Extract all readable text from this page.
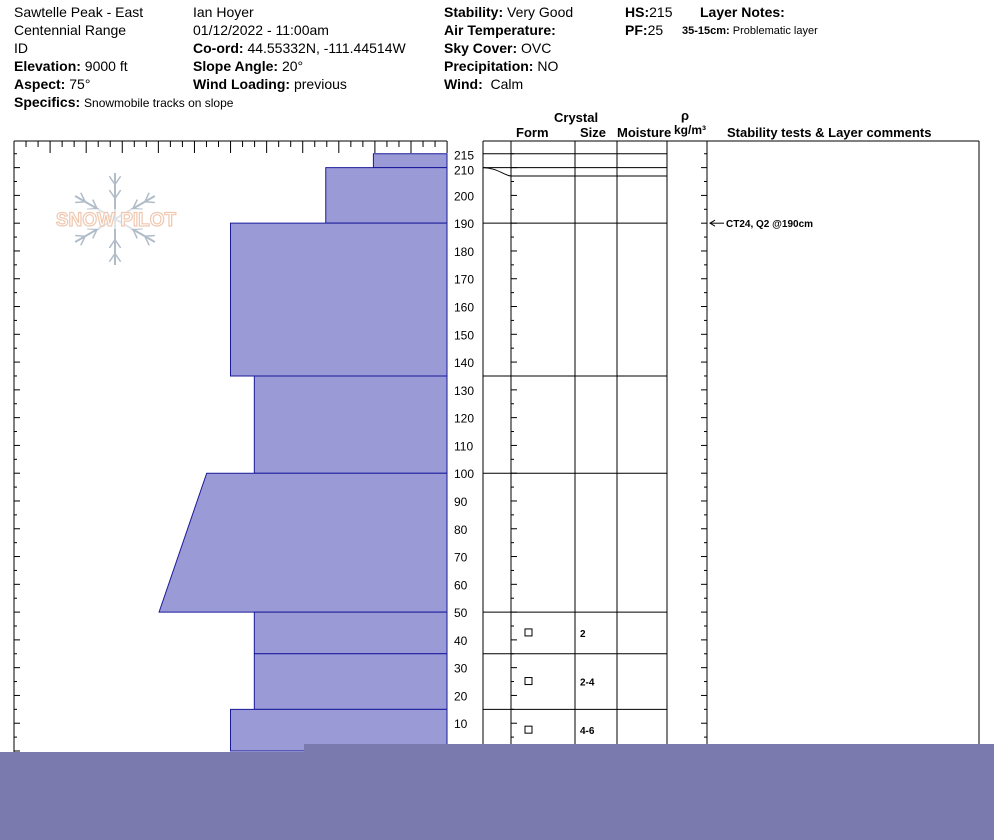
Sawtelle Peak - East
Centennial Range
ID
Elevation: 9000 ft
Aspect: 75°
Specifics: Snowmobile tracks on slope
Ian Hoyer
01/12/2022 - 11:00am
Co-ord: 44.55332N, -111.44514W
Slope Angle: 20°
Wind Loading: previous
Stability: Very Good
Air Temperature:
Sky Cover: OVC
Precipitation: NO
Wind: Calm
HS:215
PF:25
Layer Notes:
35-15cm: Problematic layer
Crystal
Form Size Moisture
ρ
kg/m³ Stability tests & Layer comments
SNOW PILOT
10
20
30
40
50
60
70
80
90
100
110
120
130
140
150
160
170
180
190
200
210
215
2
2-4
4-6
CT24, Q2 @190cm
